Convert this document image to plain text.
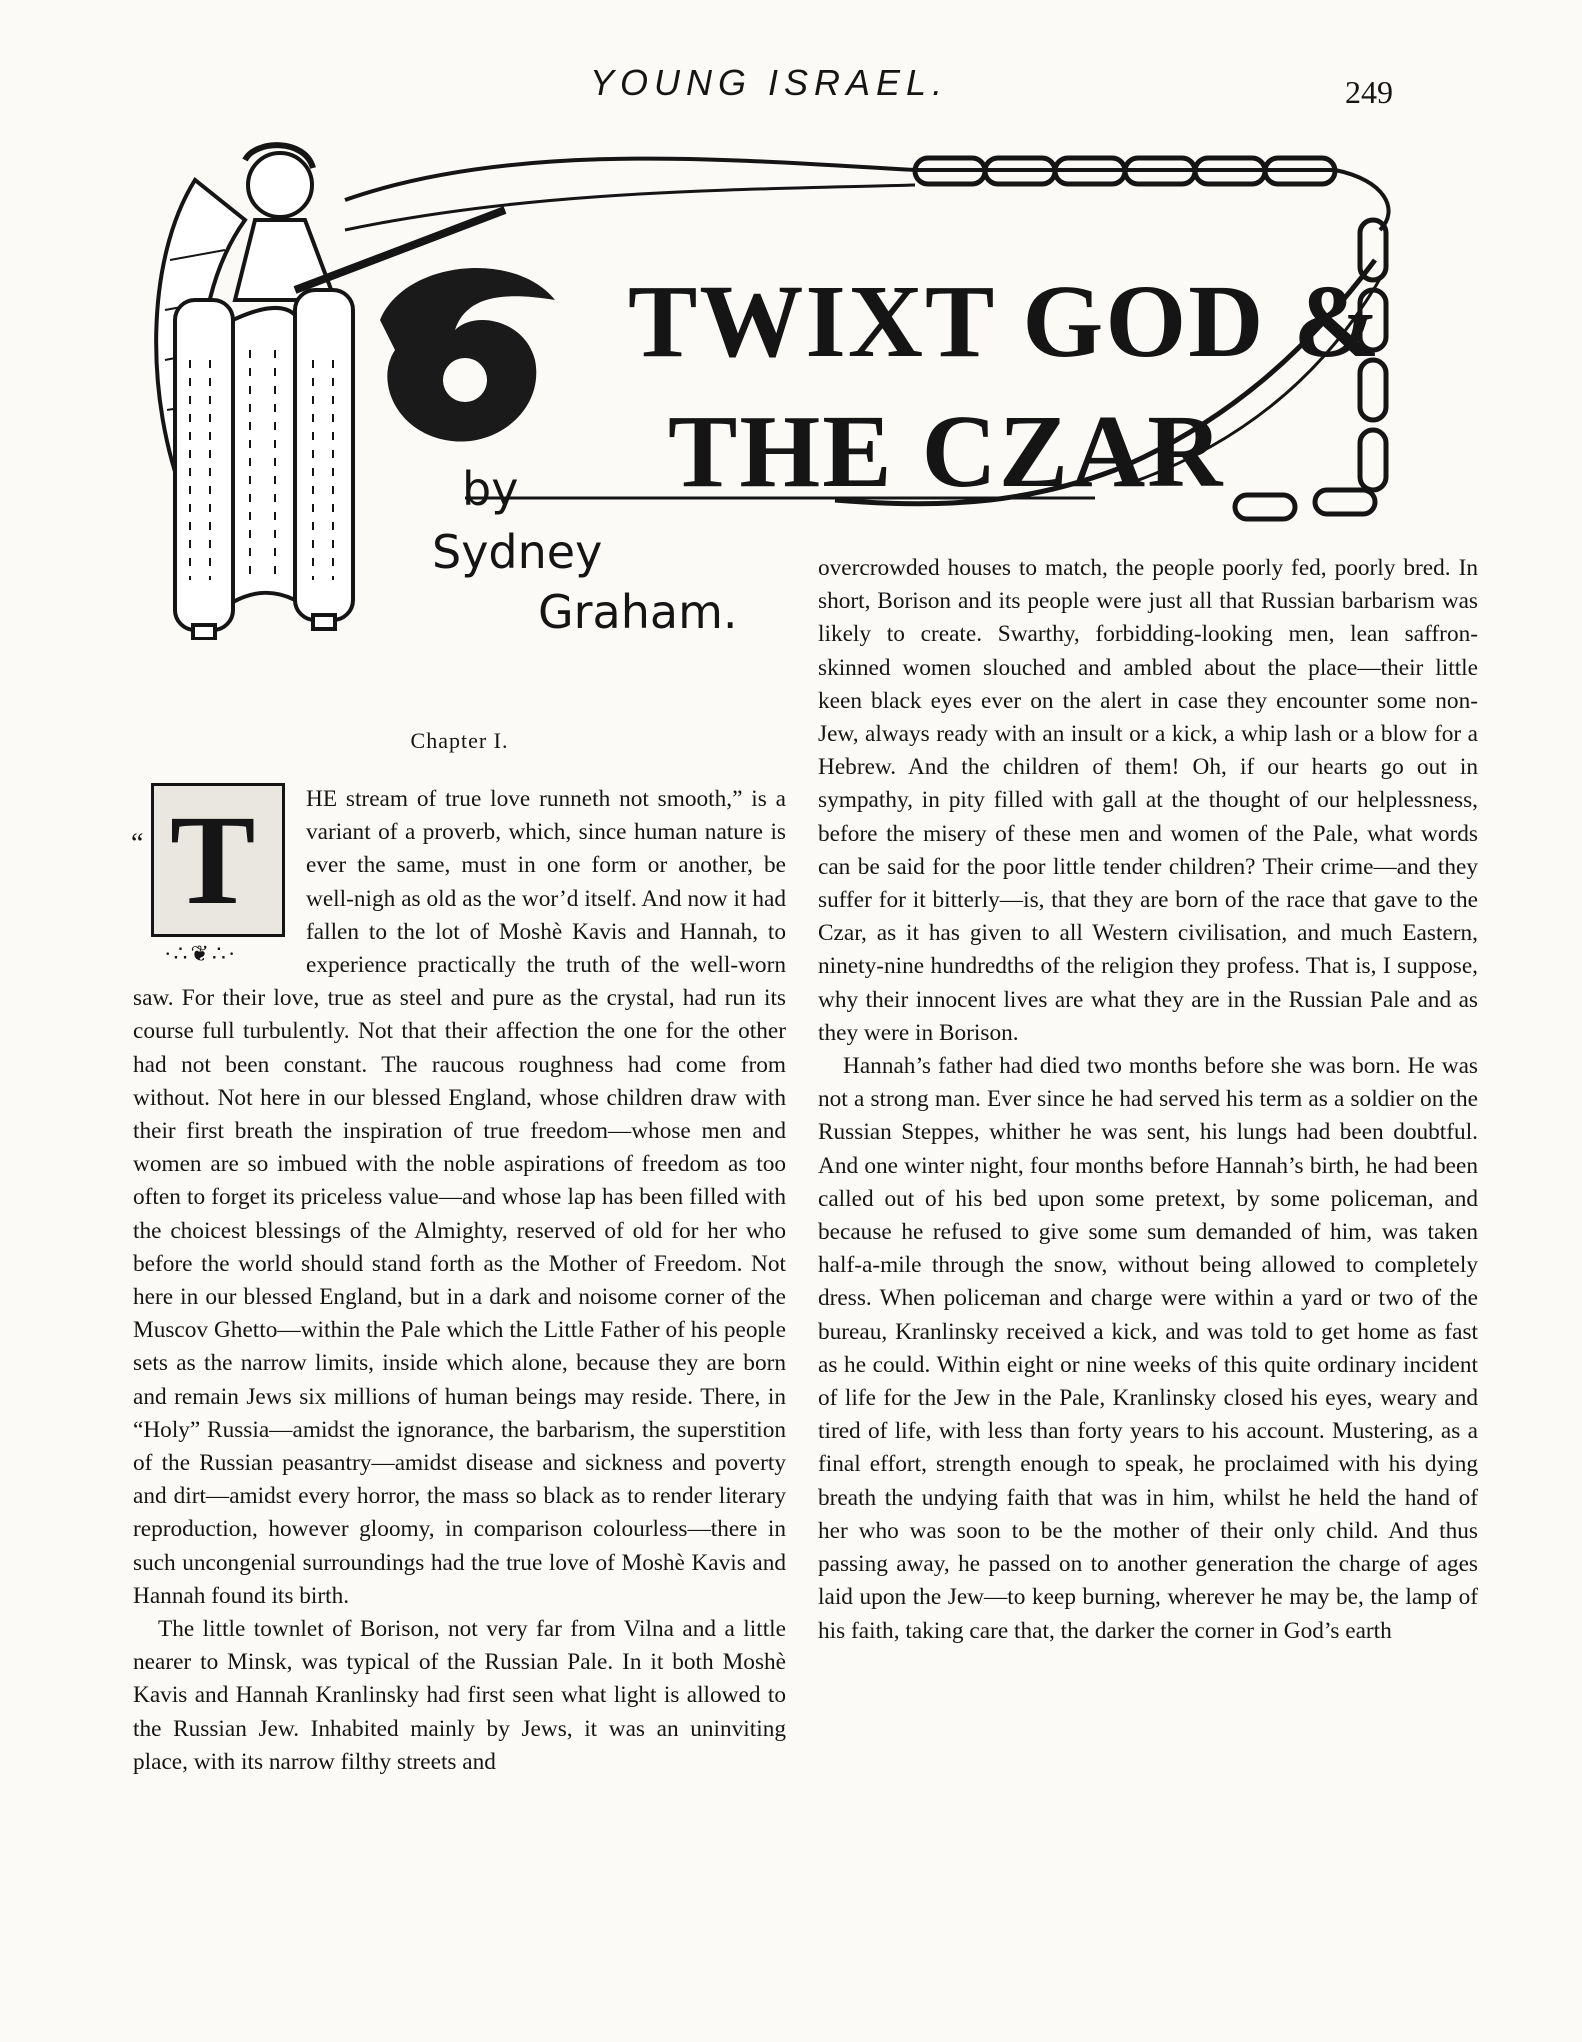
YOUNG ISRAEL.	249
TWIXT GOD &
THE CZAR
by
Sydney
Graham.
Chapter I.
“ T
∙∴❦∴∙

HE stream of true love runneth not smooth,” is a variant of a proverb, which, since human nature is ever the same, must in one form or another, be well-nigh as old as the wor’d itself. And now it had fallen to the lot of Moshè Kavis and Hannah, to experience practically the truth of the well-worn saw. For their love, true as steel and pure as the crystal, had run its course full turbulently. Not that their affection the one for the other had not been constant. The raucous roughness had come from without. Not here in our blessed England, whose children draw with their first breath the inspiration of true freedom—whose men and women are so imbued with the noble aspirations of freedom as too often to forget its priceless value—and whose lap has been filled with the choicest blessings of the Almighty, reserved of old for her who before the world should stand forth as the Mother of Freedom. Not here in our blessed England, but in a dark and noisome corner of the Muscov Ghetto—within the Pale which the Little Father of his people sets as the narrow limits, inside which alone, because they are born and remain Jews six millions of human beings may reside. There, in “Holy” Russia—amidst the ignorance, the barbarism, the superstition of the Russian peasantry—amidst disease and sickness and poverty and dirt—amidst every horror, the mass so black as to render literary reproduction, however gloomy, in comparison colourless—there in such uncongenial surroundings had the true love of Moshè Kavis and Hannah found its birth.

The little townlet of Borison, not very far from Vilna and a little nearer to Minsk, was typical of the Russian Pale. In it both Moshè Kavis and Hannah Kranlinsky had first seen what light is allowed to the Russian Jew. Inhabited mainly by Jews, it was an uninviting place, with its narrow filthy streets and

overcrowded houses to match, the people poorly fed, poorly bred. In short, Borison and its people were just all that Russian barbarism was likely to create. Swarthy, forbidding-looking men, lean saffron-skinned women slouched and ambled about the place—their little keen black eyes ever on the alert in case they encounter some non-Jew, always ready with an insult or a kick, a whip lash or a blow for a Hebrew. And the children of them! Oh, if our hearts go out in sympathy, in pity filled with gall at the thought of our helplessness, before the misery of these men and women of the Pale, what words can be said for the poor little tender children? Their crime—and they suffer for it bitterly—is, that they are born of the race that gave to the Czar, as it has given to all Western civilisation, and much Eastern, ninety-nine hundredths of the religion they profess. That is, I suppose, why their innocent lives are what they are in the Russian Pale and as they were in Borison.

Hannah’s father had died two months before she was born. He was not a strong man. Ever since he had served his term as a soldier on the Russian Steppes, whither he was sent, his lungs had been doubtful. And one winter night, four months before Hannah’s birth, he had been called out of his bed upon some pretext, by some policeman, and because he refused to give some sum demanded of him, was taken half-a-mile through the snow, without being allowed to completely dress. When policeman and charge were within a yard or two of the bureau, Kranlinsky received a kick, and was told to get home as fast as he could. Within eight or nine weeks of this quite ordinary incident of life for the Jew in the Pale, Kranlinsky closed his eyes, weary and tired of life, with less than forty years to his account. Mustering, as a final effort, strength enough to speak, he proclaimed with his dying breath the undying faith that was in him, whilst he held the hand of her who was soon to be the mother of their only child. And thus passing away, he passed on to another generation the charge of ages laid upon the Jew—to keep burning, wherever he may be, the lamp of his faith, taking care that, the darker the corner in God’s earth
